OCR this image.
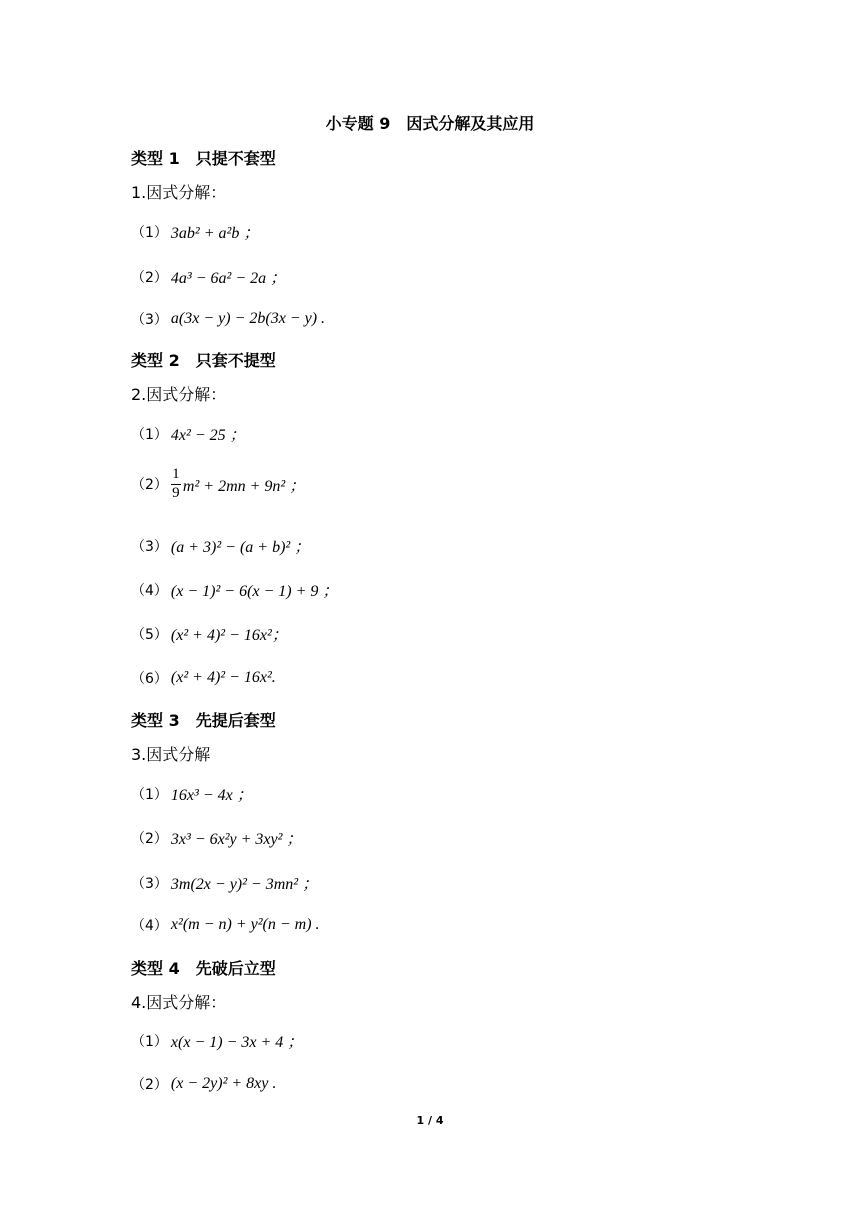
小专题 9　因式分解及其应用
类型 1　只提不套型
1.因式分解：
（1） 3ab² + a²b ；
（2） 4a³ − 6a² − 2a ；
（3） a(3x − y) − 2b(3x − y) .
类型 2　只套不提型
2.因式分解：
（1） 4x² − 25 ；
$(2) \frac{1}{9} m^2 + 2mn + 9n^2$ ；
（3） (a + 3)² − (a + b)² ；
（4） (x − 1)² − 6(x − 1) + 9 ；
（5） (x² + 4)² − 16x²；
（6） (x² + 4)² − 16x².
类型 3　先提后套型
3.因式分解
（1） 16x³ − 4x ；
（2） 3x³ − 6x²y + 3xy² ；
（3） 3m(2x − y)² − 3mn² ；
（4） x²(m − n) + y²(n − m) .
类型 4　先破后立型
4.因式分解：
（1） x(x − 1) − 3x + 4 ；
（2） (x − 2y)² + 8xy .
1 / 4
